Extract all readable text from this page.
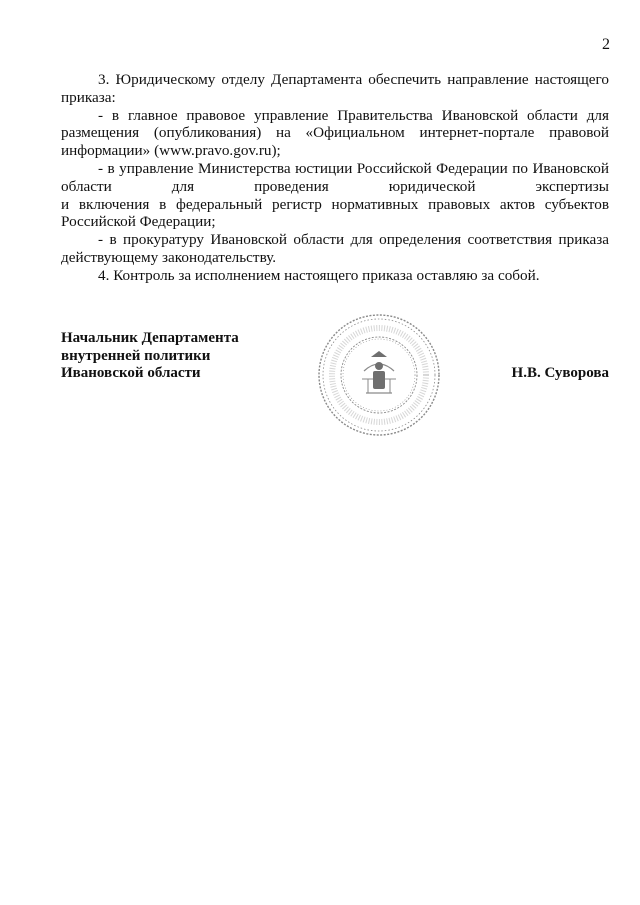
2

3. Юридическому отделу Департамента обеспечить направление настоящего приказа:

- в главное правовое управление Правительства Ивановской области для размещения (опубликования) на «Официальном интернет-портале правовой информации» (www.pravo.gov.ru);

- в управление Министерства юстиции Российской Федерации по Ивановской области для проведения юридической экспертизы

и включения в федеральный регистр нормативных правовых актов субъектов Российской Федерации;

- в прокуратуру Ивановской области для определения соответствия приказа действующему законодательству.

4. Контроль за исполнением настоящего приказа оставляю за собой.

Начальник Департамента
внутренней политики
Ивановской области	Н.В. Суворова
